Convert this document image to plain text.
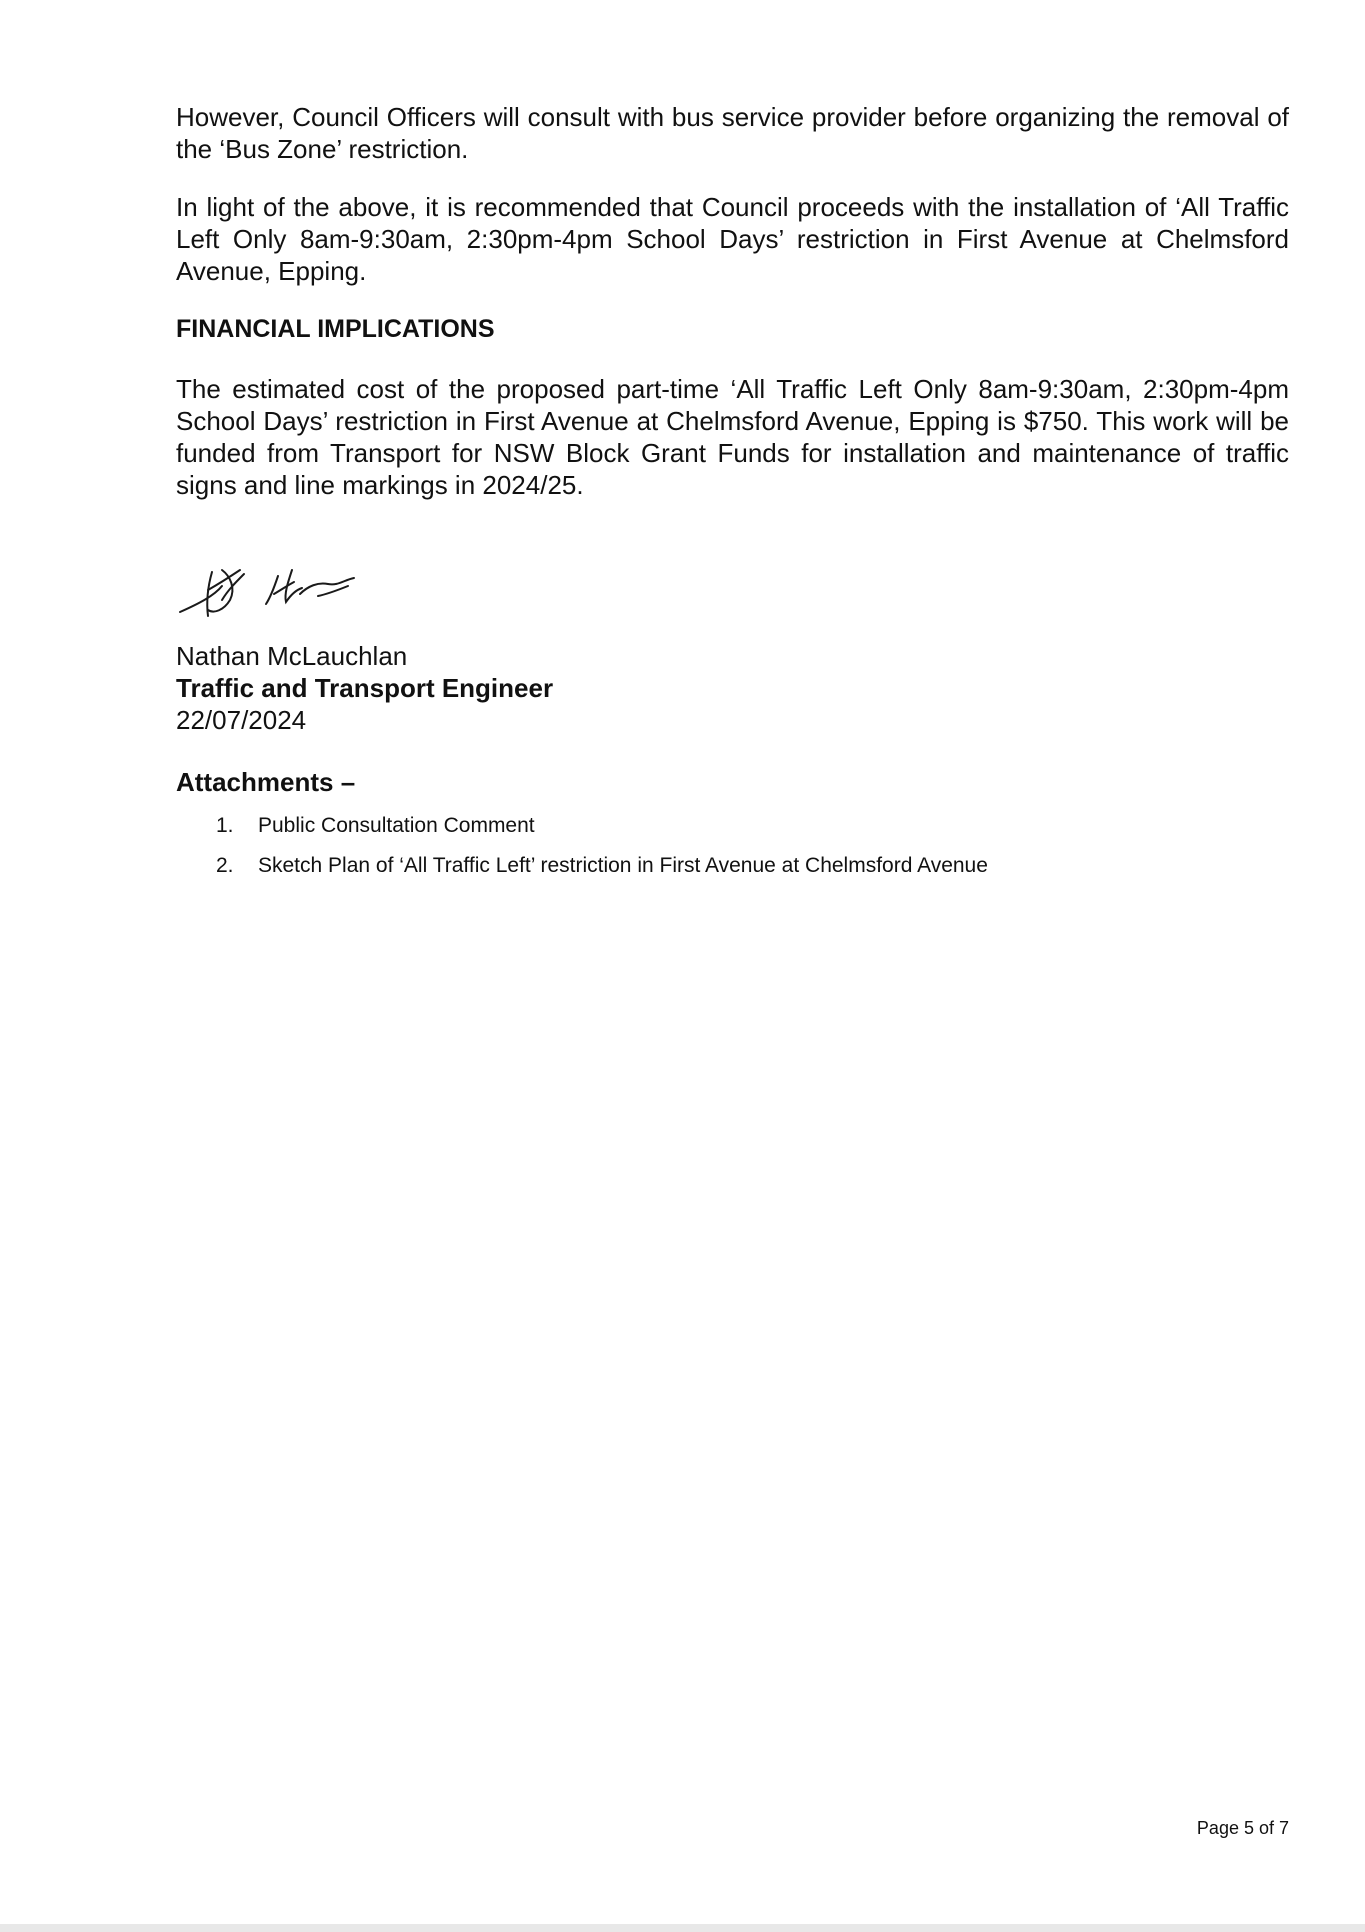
However, Council Officers will consult with bus service provider before organizing the removal of the ‘Bus Zone’ restriction.

In light of the above, it is recommended that Council proceeds with the installation of ‘All Traffic Left Only 8am-9:30am, 2:30pm-4pm School Days’ restriction in First Avenue at Chelmsford Avenue, Epping.

FINANCIAL IMPLICATIONS

The estimated cost of the proposed part-time ‘All Traffic Left Only 8am-9:30am, 2:30pm-4pm School Days’ restriction in First Avenue at Chelmsford Avenue, Epping is $750. This work will be funded from Transport for NSW Block Grant Funds for installation and maintenance of traffic signs and line markings in 2024/25.

Nathan McLauchlan
Traffic and Transport Engineer
22/07/2024
Attachments –
1. Public Consultation Comment
2. Sketch Plan of ‘All Traffic Left’ restriction in First Avenue at Chelmsford Avenue
Page 5 of 7
